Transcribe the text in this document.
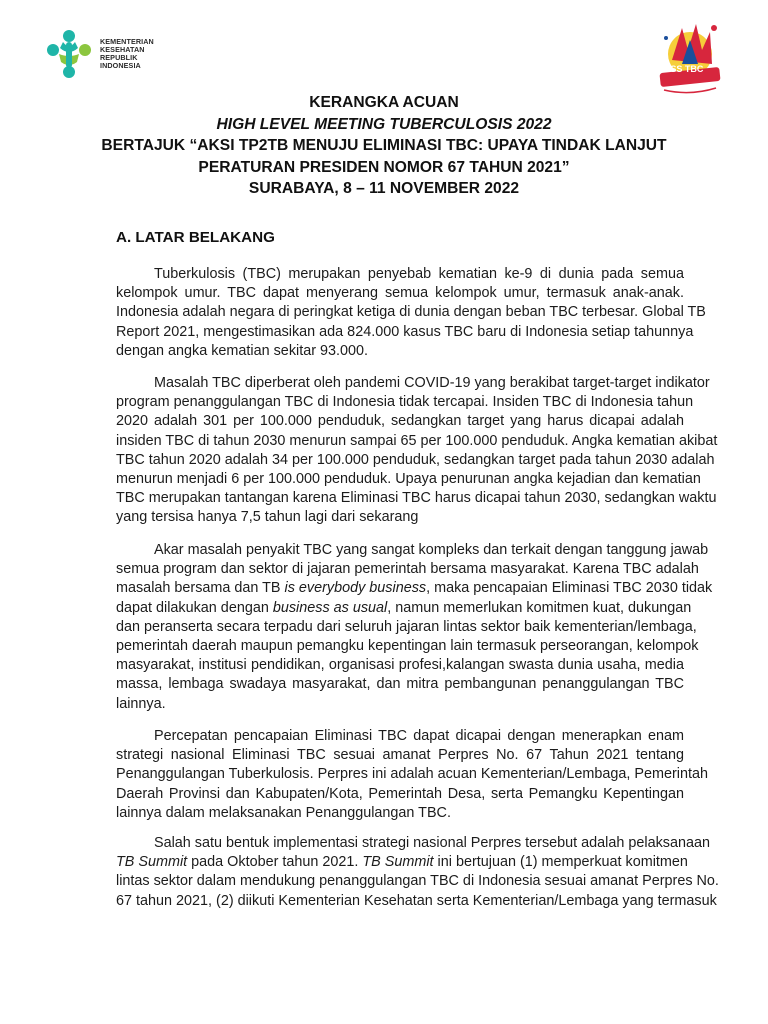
KEMENTERIAN
KESEHATAN
REPUBLIK
INDONESIA	TOSS TBC
KERANGKA ACUAN
HIGH LEVEL MEETING TUBERCULOSIS 2022
BERTAJUK “AKSI TP2TB MENUJU ELIMINASI TBC: UPAYA TINDAK LANJUT
PERATURAN PRESIDEN NOMOR 67 TAHUN 2021”
SURABAYA, 8 – 11 NOVEMBER 2022
A. LATAR BELAKANG
Tuberkulosis (TBC) merupakan penyebab kematian ke-9 di dunia pada semua
kelompok umur. TBC dapat menyerang semua kelompok umur, termasuk anak-anak.
Indonesia adalah negara di peringkat ketiga di dunia dengan beban TBC terbesar. Global TB
Report 2021, mengestimasikan ada 824.000 kasus TBC baru di Indonesia setiap tahunnya
dengan angka kematian sekitar 93.000.
Masalah TBC diperberat oleh pandemi COVID-19 yang berakibat target-target indikator
program penanggulangan TBC di Indonesia tidak tercapai. Insiden TBC di Indonesia tahun
2020 adalah 301 per 100.000 penduduk, sedangkan target yang harus dicapai adalah
insiden TBC di tahun 2030 menurun sampai 65 per 100.000 penduduk. Angka kematian akibat
TBC tahun 2020 adalah 34 per 100.000 penduduk, sedangkan target pada tahun 2030 adalah
menurun menjadi 6 per 100.000 penduduk. Upaya penurunan angka kejadian dan kematian
TBC merupakan tantangan karena Eliminasi TBC harus dicapai tahun 2030, sedangkan waktu
yang tersisa hanya 7,5 tahun lagi dari sekarang
Akar masalah penyakit TBC yang sangat kompleks dan terkait dengan tanggung jawab
semua program dan sektor di jajaran pemerintah bersama masyarakat. Karena TBC adalah
masalah bersama dan TB is everybody business, maka pencapaian Eliminasi TBC 2030 tidak
dapat dilakukan dengan business as usual, namun memerlukan komitmen kuat, dukungan
dan peranserta secara terpadu dari seluruh jajaran lintas sektor baik kementerian/lembaga,
pemerintah daerah maupun pemangku kepentingan lain termasuk perseorangan, kelompok
masyarakat, institusi pendidikan, organisasi profesi,kalangan swasta dunia usaha, media
massa, lembaga swadaya masyarakat, dan mitra pembangunan penanggulangan TBC
lainnya.
Percepatan pencapaian Eliminasi TBC dapat dicapai dengan menerapkan enam
strategi nasional Eliminasi TBC sesuai amanat Perpres No. 67 Tahun 2021 tentang
Penanggulangan Tuberkulosis. Perpres ini adalah acuan Kementerian/Lembaga, Pemerintah
Daerah Provinsi dan Kabupaten/Kota, Pemerintah Desa, serta Pemangku Kepentingan
lainnya dalam melaksanakan Penanggulangan TBC.
Salah satu bentuk implementasi strategi nasional Perpres tersebut adalah pelaksanaan
TB Summit pada Oktober tahun 2021. TB Summit ini bertujuan (1) memperkuat komitmen
lintas sektor dalam mendukung penanggulangan TBC di Indonesia sesuai amanat Perpres No.
67 tahun 2021, (2) diikuti Kementerian Kesehatan serta Kementerian/Lembaga yang termasuk
